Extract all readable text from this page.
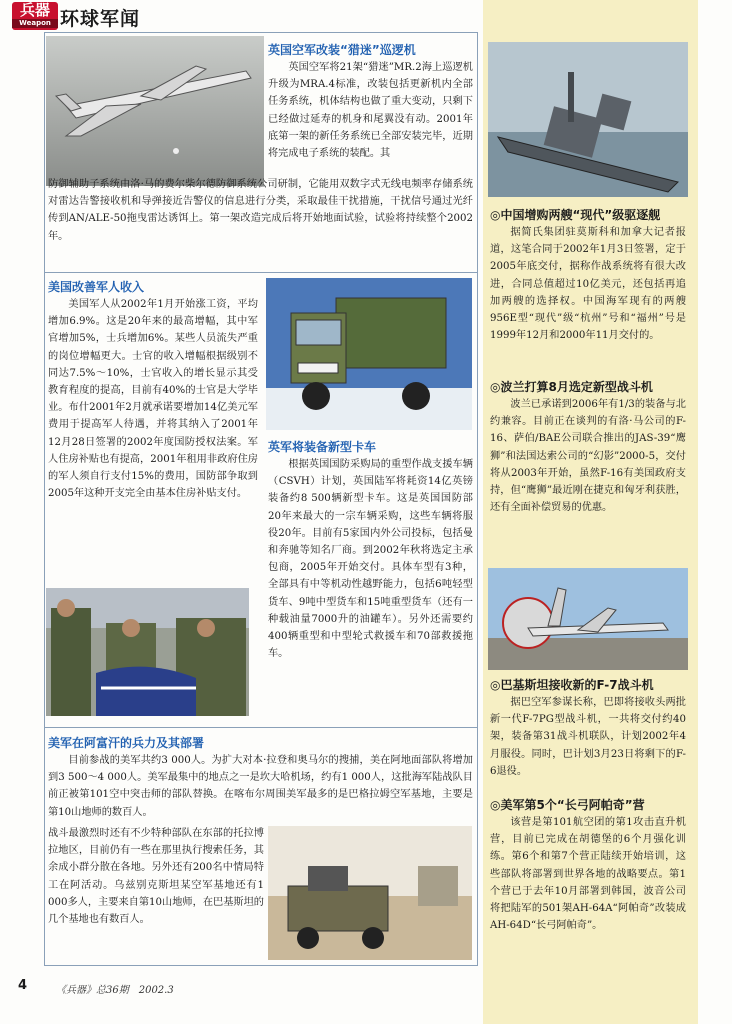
兵器
Weapon 环球军闻
英国空军改装“猎迷”巡逻机
英国空军将21架“猎迷”MR.2海上巡逻机升级为MRA.4标准，改装包括更新机内全部任务系统，机体结构也做了重大变动，只剩下已经做过延寿的机身和尾翼没有动。2001年底第一架的新任务系统已全部安装完毕，近期将完成电子系统的装配。其
防御辅助子系统由洛·马的费尔柴尔德防御系统公司研制，它能用双数字式无线电频率存储系统对雷达告警接收机和导弹接近告警仪的信息进行分类，采取最佳干扰措施，干扰信号通过光纤传到AN/ALE-50拖曳雷达诱饵上。第一架改造完成后将开始地面试验，试验将持续整个2002年。
美国改善军人收入
美国军人从2002年1月开始涨工资，平均增加6.9%。这是20年来的最高增幅，其中军官增加5%，士兵增加6%。某些人员流失严重的岗位增幅更大。士官的收入增幅根据级别不同达7.5%～10%，士官收入的增长显示其受教育程度的提高，目前有40%的士官是大学毕业。布什2001年2月就承诺要增加14亿美元军费用于提高军人待遇，并将其纳入了2001年12月28日签署的2002年度国防授权法案。军人住房补贴也有提高，2001年租用非政府住房的军人须自行支付15%的费用，国防部争取到2005年这种开支完全由基本住房补贴支付。
英军将装备新型卡车
根据英国国防采购局的重型作战支援车辆（CSVH）计划，英国陆军将耗资14亿英镑装备约8 500辆新型卡车。这是英国国防部20年来最大的一宗车辆采购，这些车辆将服役20年。目前有5家国内外公司投标，包括曼和奔驰等知名厂商。到2002年秋将选定主承包商，2005年开始交付。具体车型有3种，全部具有中等机动性越野能力，包括6吨轻型货车、9吨中型货车和15吨重型货车（还有一种载油量7000升的油罐车）。另外还需要约400辆重型和中型轮式救援车和70部救援拖车。
美军在阿富汗的兵力及其部署
目前参战的美军共约3 000人。为扩大对本·拉登和奥马尔的搜捕，美在阿地面部队将增加到3 500～4 000人。美军最集中的地点之一是坎大哈机场，约有1 000人，这批海军陆战队目前正被第101空中突击师的部队替换。在喀布尔周围美军最多的是巴格拉姆空军基地，主要是第10山地师的数百人。
战斗最激烈时还有不少特种部队在东部的托拉博拉地区，目前仍有一些在那里执行搜索任务，其余成小群分散在各地。另外还有200名中情局特工在阿活动。乌兹别克斯坦某空军基地还有1 000多人，主要来自第10山地师，在巴基斯坦的几个基地也有数百人。
◎中国增购两艘“现代”级驱逐舰
据简氏集团驻莫斯科和加拿大记者报道，这笔合同于2002年1月3日签署，定于2005年底交付，据称作战系统将有很大改进，合同总值超过10亿美元，还包括再追加两艘的选择权。中国海军现有的两艘956E型“现代”级“杭州”号和“福州”号是1999年12月和2000年11月交付的。
◎波兰打算8月选定新型战斗机
波兰已承诺到2006年有1/3的装备与北约兼容。目前正在谈判的有洛·马公司的F-16、萨伯/BAE公司联合推出的JAS-39“鹰狮”和法国达索公司的“幻影”2000-5，交付将从2003年开始，虽然F-16有美国政府支持，但“鹰狮”最近刚在捷克和匈牙利获胜，还有全面补偿贸易的优惠。
◎巴基斯坦接收新的F-7战斗机
据巴空军参谋长称，巴即将接收头两批新一代F-7PG型战斗机，一共将交付约40架，装备第31战斗机联队，计划2002年4月服役。同时，巴计划3月23日将剩下的F-6退役。
◎美军第5个“长弓阿帕奇”营
该营是第101航空团的第1攻击直升机营，目前已完成在胡德堡的6个月强化训练。第6个和第7个营正陆续开始培训，这些部队将部署到世界各地的战略要点。第1个营已于去年10月部署到韩国，波音公司将把陆军的501架AH-64A“阿帕奇”改装成AH-64D“长弓阿帕奇”。
4	《兵器》总36期　2002.3
